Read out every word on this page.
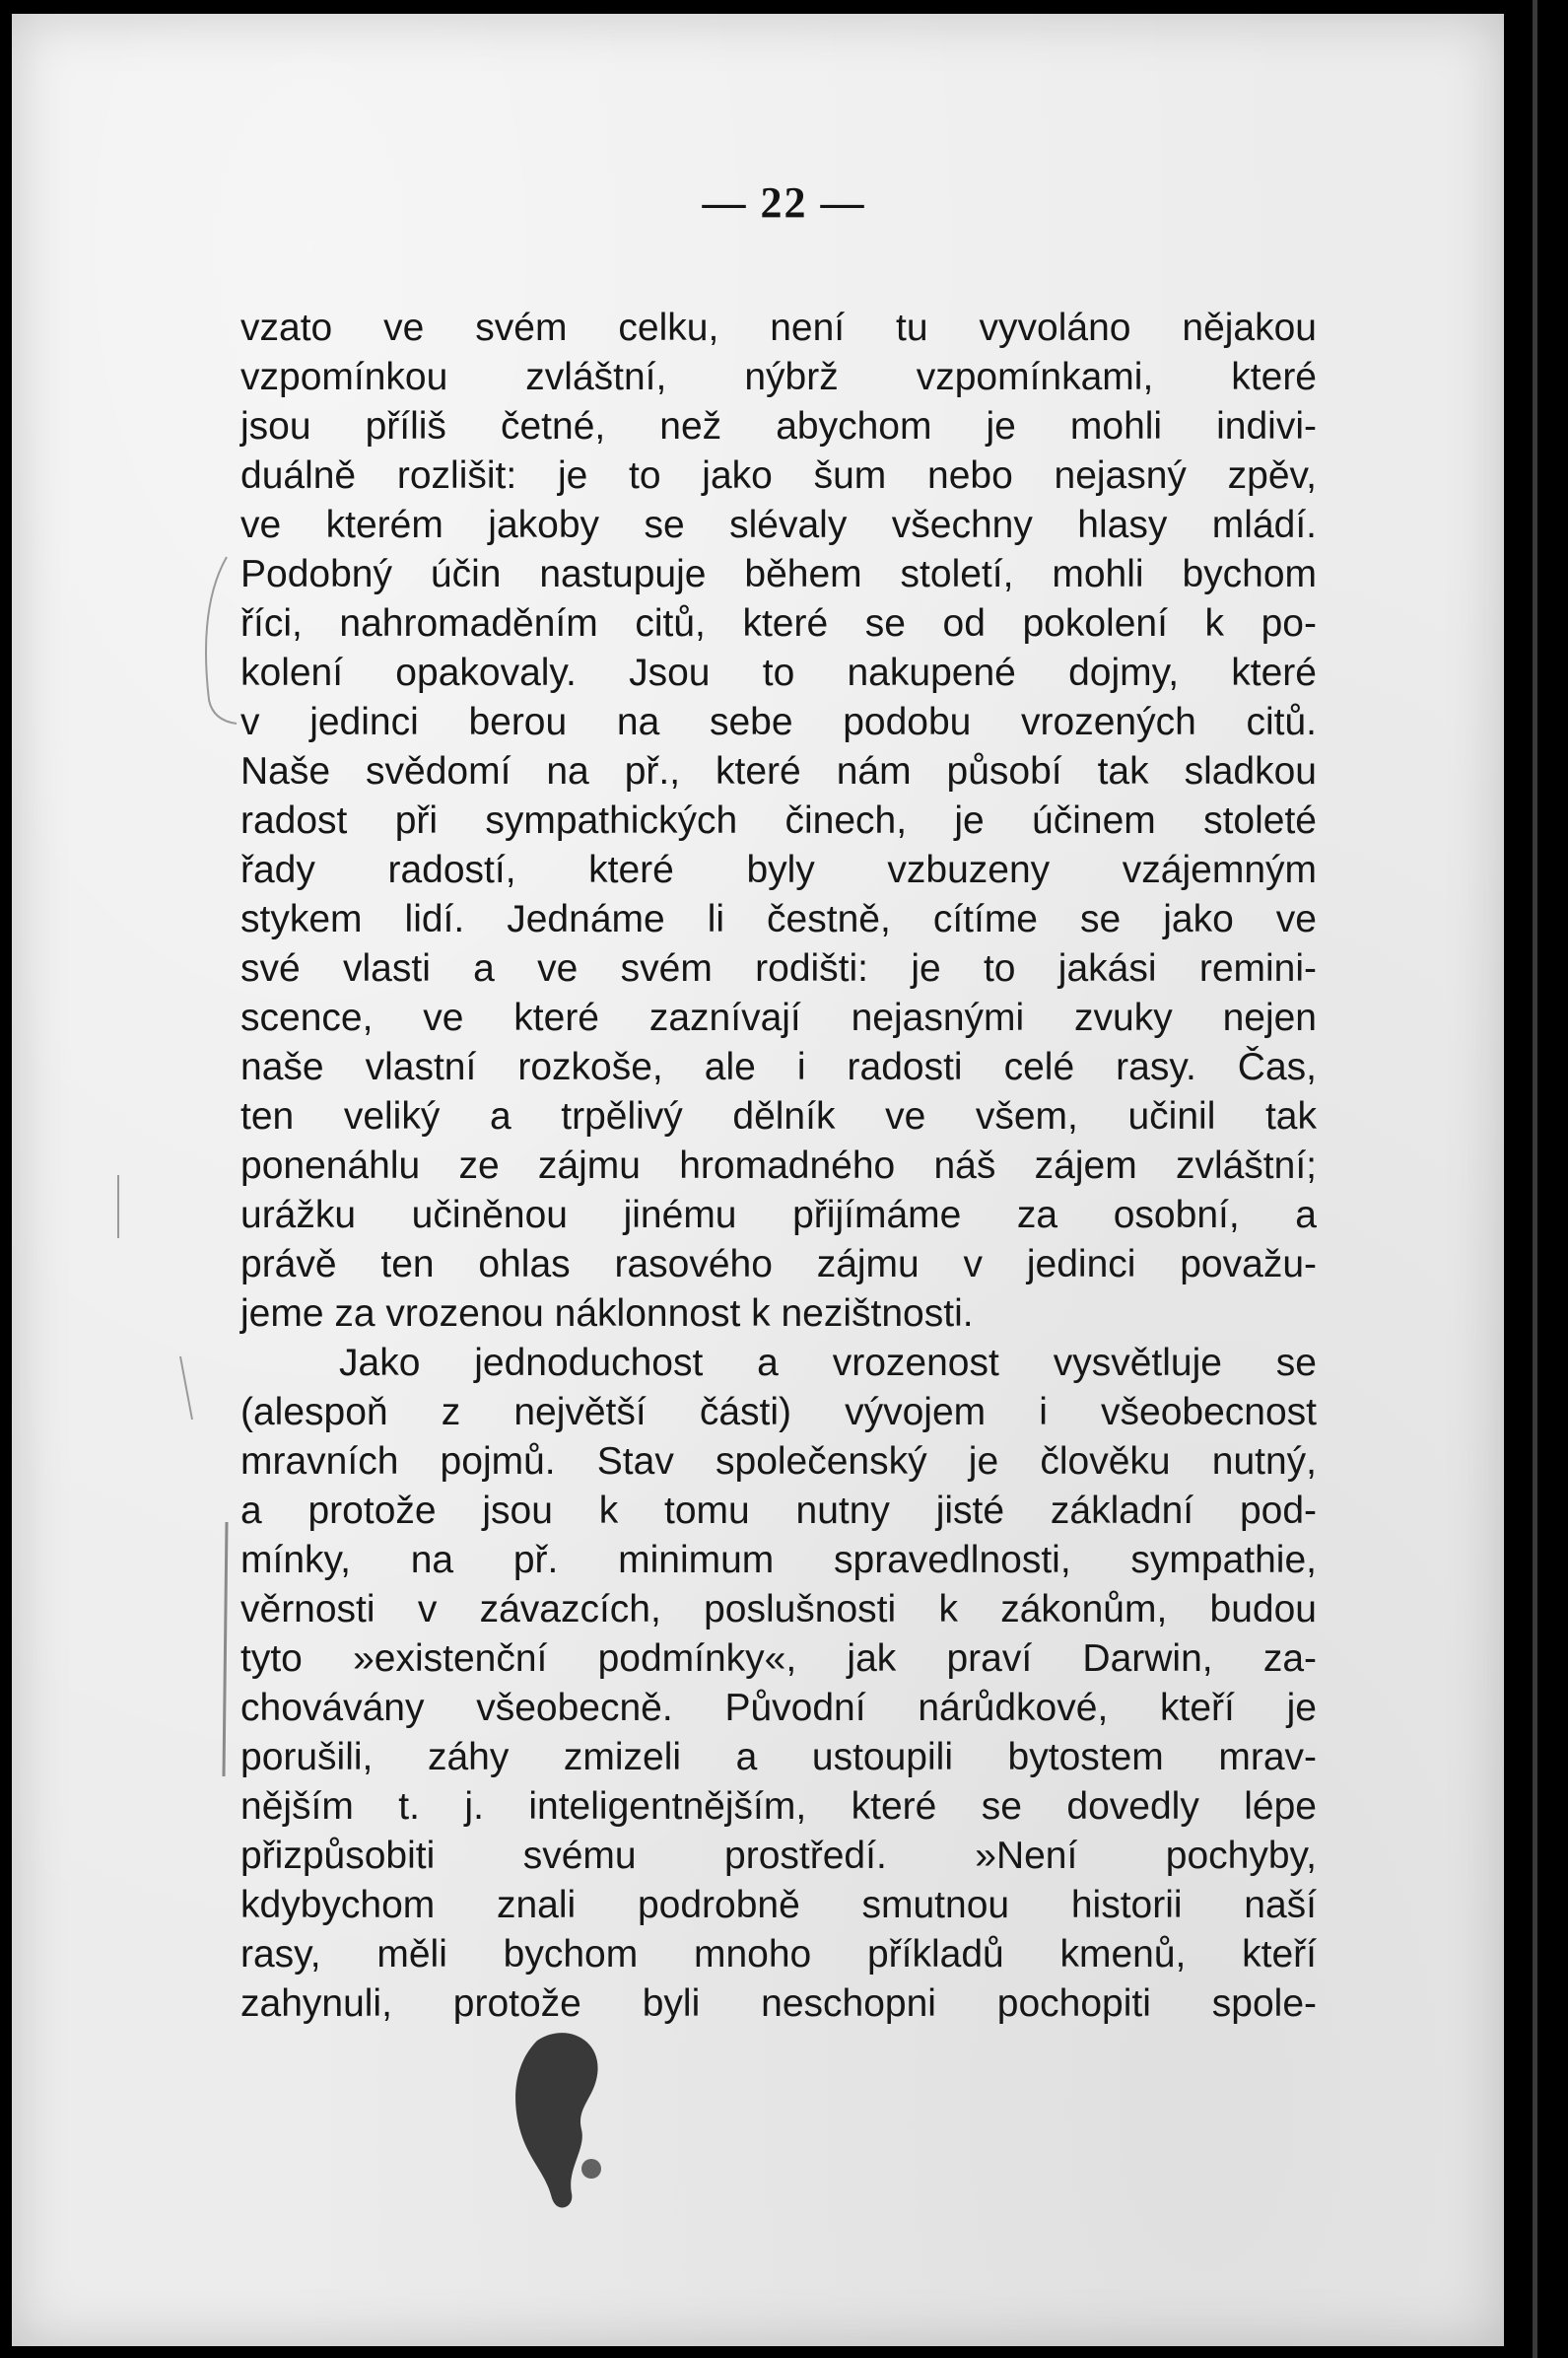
— 22 —
vzato ve svém celku, není tu vyvoláno nějakou
vzpomínkou zvláštní, nýbrž vzpomínkami, které
jsou příliš četné, než abychom je mohli indivi-
duálně rozlišit: je to jako šum nebo nejasný zpěv,
ve kterém jakoby se slévaly všechny hlasy mládí.
Podobný účin nastupuje během století, mohli bychom
říci, nahromaděním citů, které se od pokolení k po-
kolení opakovaly. Jsou to nakupené dojmy, které
v jedinci berou na sebe podobu vrozených citů.
Naše svědomí na př., které nám působí tak sladkou
radost při sympathických činech, je účinem stoleté
řady radostí, které byly vzbuzeny vzájemným
stykem lidí. Jednáme li čestně, cítíme se jako ve
své vlasti a ve svém rodišti: je to jakási remini-
scence, ve které zaznívají nejasnými zvuky nejen
naše vlastní rozkoše, ale i radosti celé rasy. Čas,
ten veliký a trpělivý dělník ve všem, učinil tak
ponenáhlu ze zájmu hromadného náš zájem zvláštní;
urážku učiněnou jinému přijímáme za osobní, a
právě ten ohlas rasového zájmu v jedinci považu-
jeme za vrozenou náklonnost k nezištnosti.
Jako jednoduchost a vrozenost vysvětluje se
(alespoň z největší části) vývojem i všeobecnost
mravních pojmů. Stav společenský je člověku nutný,
a protože jsou k tomu nutny jisté základní pod-
mínky, na př. minimum spravedlnosti, sympathie,
věrnosti v závazcích, poslušnosti k zákonům, budou
tyto »existenční podmínky«, jak praví Darwin, za-
chovávány všeobecně. Původní nárůdkové, kteří je
porušili, záhy zmizeli a ustoupili bytostem mrav-
nějším t. j. inteligentnějším, které se dovedly lépe
přizpůsobiti svému prostředí. »Není pochyby,
kdybychom znali podrobně smutnou historii naší
rasy, měli bychom mnoho příkladů kmenů, kteří
zahynuli, protože byli neschopni pochopiti spole-
